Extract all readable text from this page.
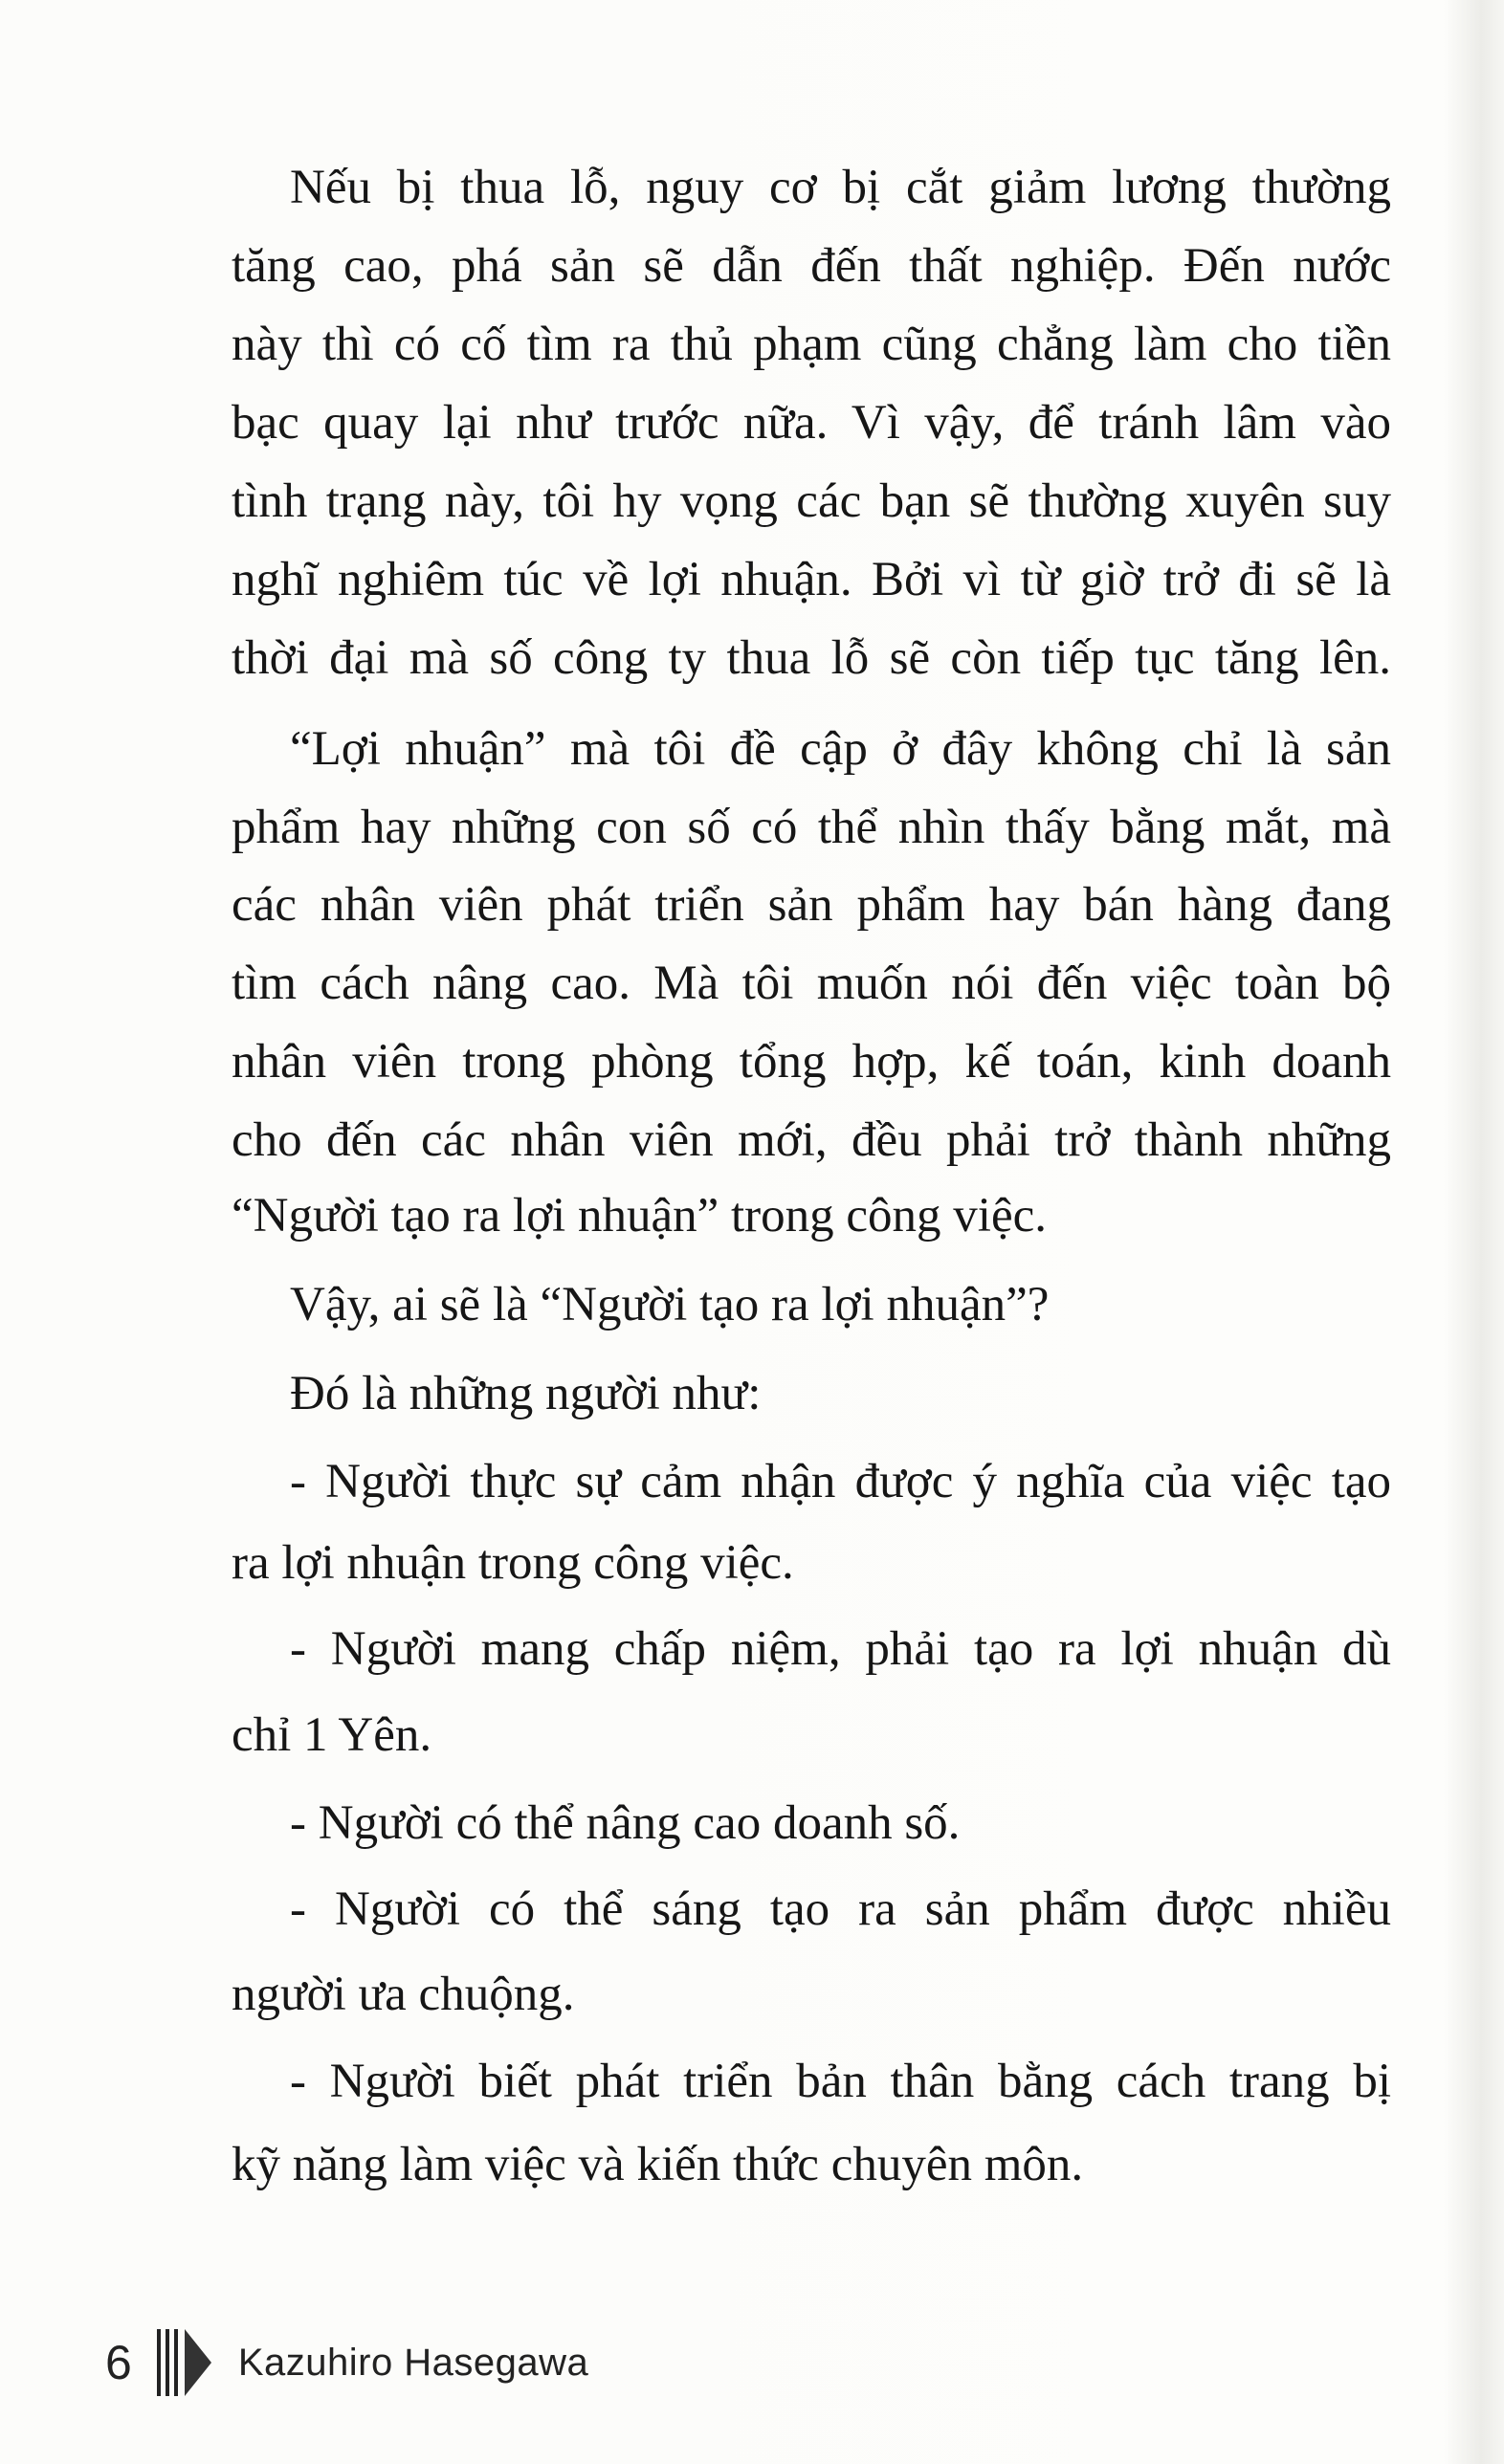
Nếu bị thua lỗ, nguy cơ bị cắt giảm lương thường
tăng cao, phá sản sẽ dẫn đến thất nghiệp. Đến nước
này thì có cố tìm ra thủ phạm cũng chẳng làm cho tiền
bạc quay lại như trước nữa. Vì vậy, để tránh lâm vào
tình trạng này, tôi hy vọng các bạn sẽ thường xuyên suy
nghĩ nghiêm túc về lợi nhuận. Bởi vì từ giờ trở đi sẽ là
thời đại mà số công ty thua lỗ sẽ còn tiếp tục tăng lên.
“Lợi nhuận” mà tôi đề cập ở đây không chỉ là sản
phẩm hay những con số có thể nhìn thấy bằng mắt, mà
các nhân viên phát triển sản phẩm hay bán hàng đang
tìm cách nâng cao. Mà tôi muốn nói đến việc toàn bộ
nhân viên trong phòng tổng hợp, kế toán, kinh doanh
cho đến các nhân viên mới, đều phải trở thành những
“Người tạo ra lợi nhuận” trong công việc.
Vậy, ai sẽ là “Người tạo ra lợi nhuận”?
Đó là những người như:
- Người thực sự cảm nhận được ý nghĩa của việc tạo
ra lợi nhuận trong công việc.
- Người mang chấp niệm, phải tạo ra lợi nhuận dù
chỉ 1 Yên.
- Người có thể nâng cao doanh số.
- Người có thể sáng tạo ra sản phẩm được nhiều
người ưa chuộng.
- Người biết phát triển bản thân bằng cách trang bị
kỹ năng làm việc và kiến thức chuyên môn.
6	Kazuhiro Hasegawa
